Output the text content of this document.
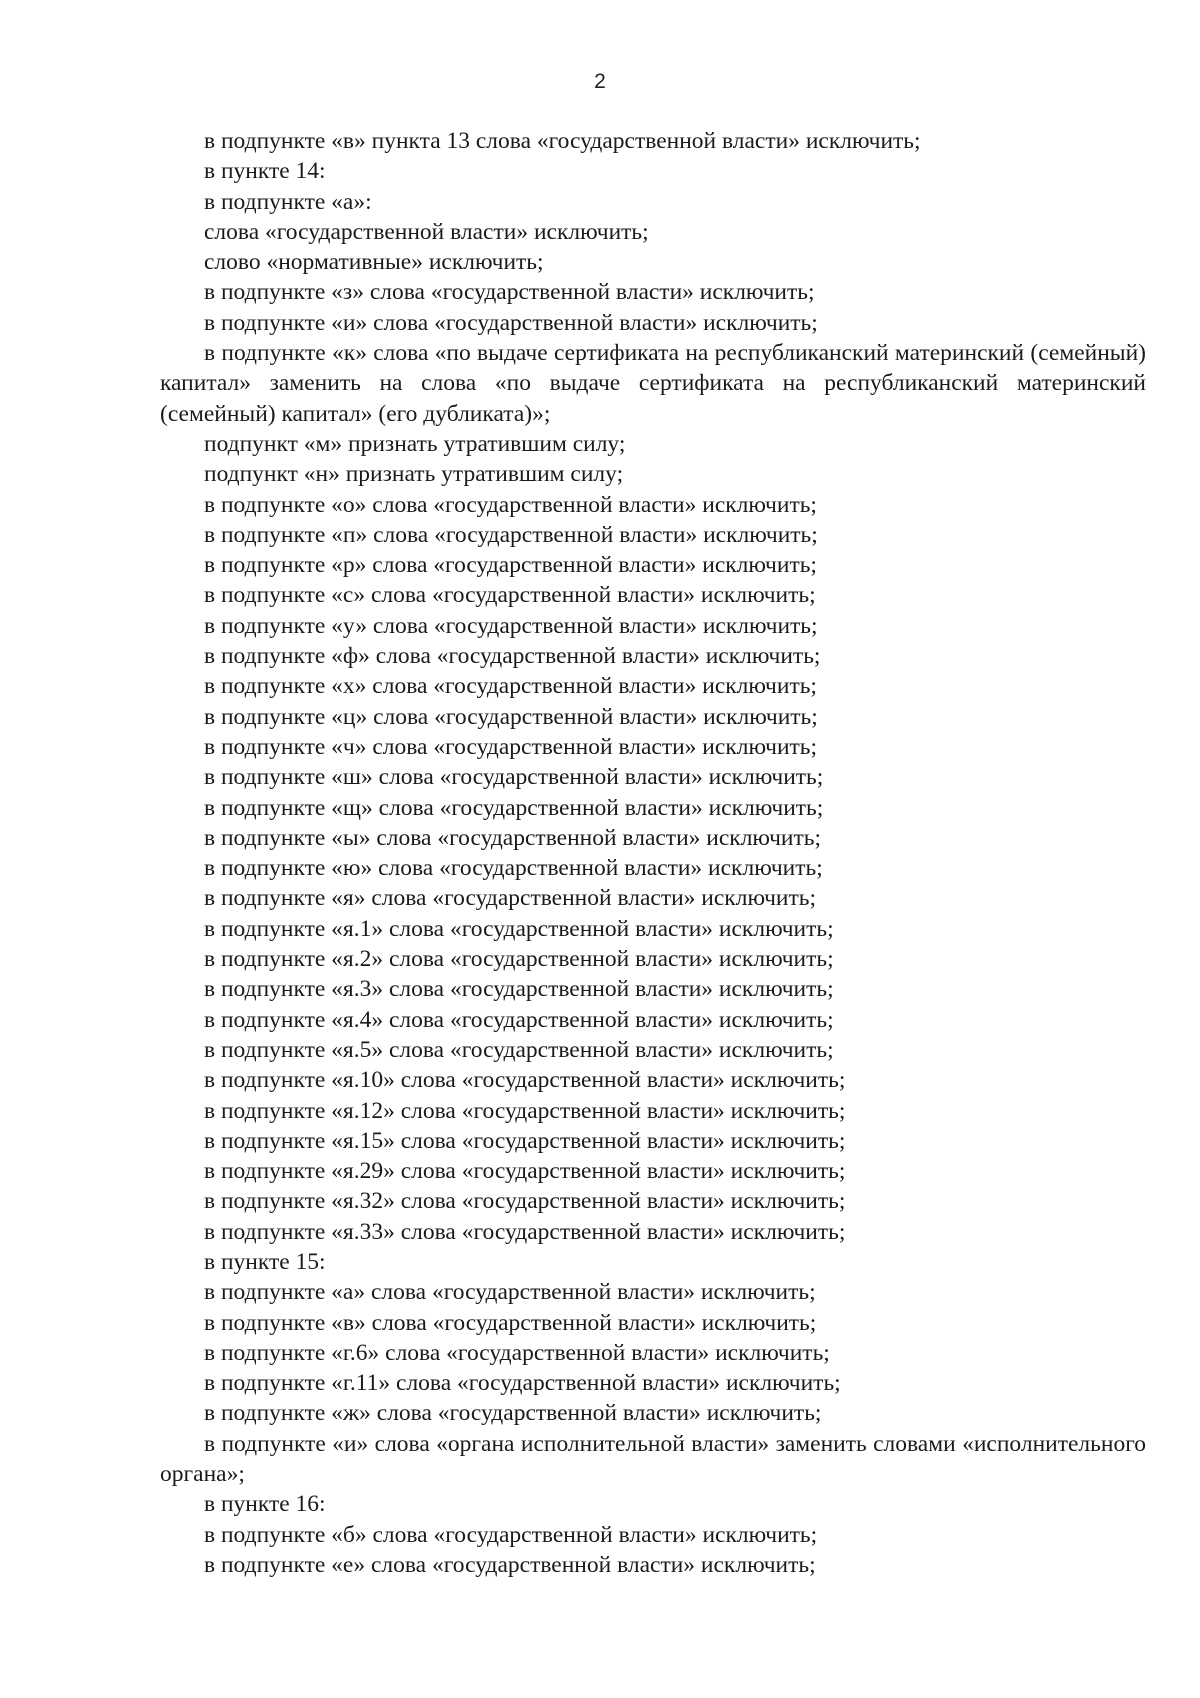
2

в подпункте «в» пункта 13 слова «государственной власти» исключить;

в пункте 14:

в подпункте «а»:

слова «государственной власти» исключить;

слово «нормативные» исключить;

в подпункте «з» слова «государственной власти» исключить;

в подпункте «и» слова «государственной власти» исключить;

в подпункте «к» слова «по выдаче сертификата на республиканский материнский (семейный) капитал» заменить на слова «по выдаче сертификата на республиканский материнский (семейный) капитал» (его дубликата)»;

подпункт «м» признать утратившим силу;

подпункт «н» признать утратившим силу;

в подпункте «о» слова «государственной власти» исключить;

в подпункте «п» слова «государственной власти» исключить;

в подпункте «р» слова «государственной власти» исключить;

в подпункте «с» слова «государственной власти» исключить;

в подпункте «у» слова «государственной власти» исключить;

в подпункте «ф» слова «государственной власти» исключить;

в подпункте «х» слова «государственной власти» исключить;

в подпункте «ц» слова «государственной власти» исключить;

в подпункте «ч» слова «государственной власти» исключить;

в подпункте «ш» слова «государственной власти» исключить;

в подпункте «щ» слова «государственной власти» исключить;

в подпункте «ы» слова «государственной власти» исключить;

в подпункте «ю» слова «государственной власти» исключить;

в подпункте «я» слова «государственной власти» исключить;

в подпункте «я.1» слова «государственной власти» исключить;

в подпункте «я.2» слова «государственной власти» исключить;

в подпункте «я.3» слова «государственной власти» исключить;

в подпункте «я.4» слова «государственной власти» исключить;

в подпункте «я.5» слова «государственной власти» исключить;

в подпункте «я.10» слова «государственной власти» исключить;

в подпункте «я.12» слова «государственной власти» исключить;

в подпункте «я.15» слова «государственной власти» исключить;

в подпункте «я.29» слова «государственной власти» исключить;

в подпункте «я.32» слова «государственной власти» исключить;

в подпункте «я.33» слова «государственной власти» исключить;

в пункте 15:

в подпункте «а» слова «государственной власти» исключить;

в подпункте «в» слова «государственной власти» исключить;

в подпункте «г.6» слова «государственной власти» исключить;

в подпункте «г.11» слова «государственной власти» исключить;

в подпункте «ж» слова «государственной власти» исключить;

в подпункте «и» слова «органа исполнительной власти» заменить словами «исполнительного органа»;

в пункте 16:

в подпункте «б» слова «государственной власти» исключить;

в подпункте «е» слова «государственной власти» исключить;
